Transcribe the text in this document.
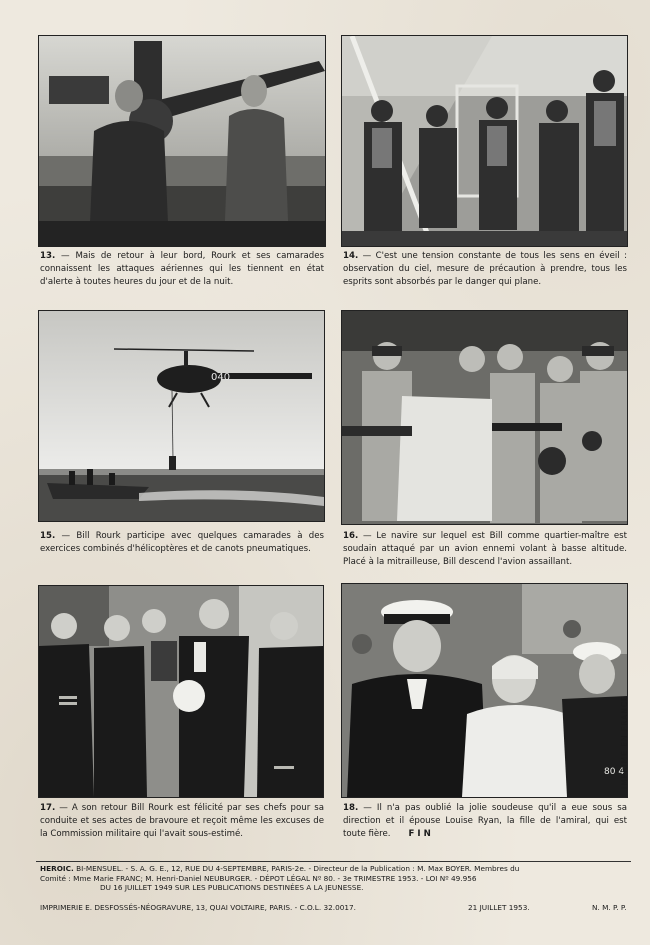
13. — Mais de retour à leur bord, Rourk et ses camarades connaissent les attaques aériennes qui les tiennent en état d'alerte à toutes heures du jour et de la nuit.

14. — C'est une tension constante de tous les sens en éveil : observation du ciel, mesure de précaution à prendre, tous les esprits sont absorbés par le danger qui plane.

040

15. — Bill Rourk participe avec quelques camarades à des exercices combinés d'hélicoptères et de canots pneumatiques.

16. — Le navire sur lequel est Bill comme quartier-maître est soudain attaqué par un avion ennemi volant à basse altitude. Placé à la mitrailleuse, Bill descend l'avion assaillant.

17. — A son retour Bill Rourk est félicité par ses chefs pour sa conduite et ses actes de bravoure et reçoit même les excuses de la Commission militaire qui l'avait sous-estimé.

80 4

18. — Il n'a pas oublié la jolie soudeuse qu'il a eue sous sa direction et il épouse Louise Ryan, la fille de l'amiral, qui est toute fière. FIN

IMPRIMÉ EN FRANCE

HEROIC. BI-MENSUEL. - S. A. G. E., 12, RUE DU 4-SEPTEMBRE, PARIS-2e. - Directeur de la Publication : M. Max BOYER. Membres du
Comité : Mme Marie FRANC; M. Henri-Daniel NEUBURGER. - DÉPOT LÉGAL Nº 80. - 3e TRIMESTRE 1953. - LOI Nº 49.956
DU 16 JUILLET 1949 SUR LES PUBLICATIONS DESTINÉES A LA JEUNESSE.

IMPRIMERIE E. DESFOSSÉS-NÉOGRAVURE, 13, QUAI VOLTAIRE, PARIS. - C.O.L. 32.0017.	21 JUILLET 1953.	N. M. P. P.
